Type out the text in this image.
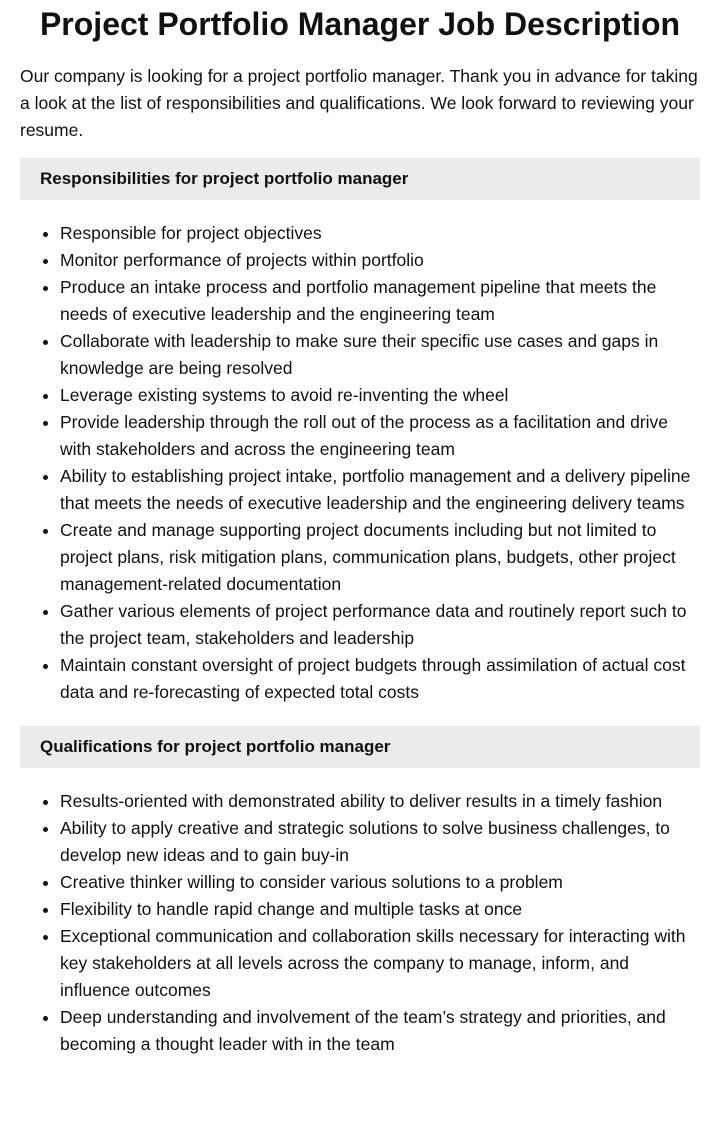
Project Portfolio Manager Job Description

Our company is looking for a project portfolio manager. Thank you in advance for taking a look at the list of responsibilities and qualifications. We look forward to reviewing your resume.

Responsibilities for project portfolio manager
• Responsible for project objectives
• Monitor performance of projects within portfolio
• Produce an intake process and portfolio management pipeline that meets the needs of executive leadership and the engineering team
• Collaborate with leadership to make sure their specific use cases and gaps in knowledge are being resolved
• Leverage existing systems to avoid re-inventing the wheel
• Provide leadership through the roll out of the process as a facilitation and drive with stakeholders and across the engineering team
• Ability to establishing project intake, portfolio management and a delivery pipeline that meets the needs of executive leadership and the engineering delivery teams
• Create and manage supporting project documents including but not limited to project plans, risk mitigation plans, communication plans, budgets, other project management-related documentation
• Gather various elements of project performance data and routinely report such to the project team, stakeholders and leadership
• Maintain constant oversight of project budgets through assimilation of actual cost data and re-forecasting of expected total costs
Qualifications for project portfolio manager
• Results-oriented with demonstrated ability to deliver results in a timely fashion
• Ability to apply creative and strategic solutions to solve business challenges, to develop new ideas and to gain buy-in
• Creative thinker willing to consider various solutions to a problem
• Flexibility to handle rapid change and multiple tasks at once
• Exceptional communication and collaboration skills necessary for interacting with key stakeholders at all levels across the company to manage, inform, and influence outcomes
• Deep understanding and involvement of the team’s strategy and priorities, and becoming a thought leader with in the team
